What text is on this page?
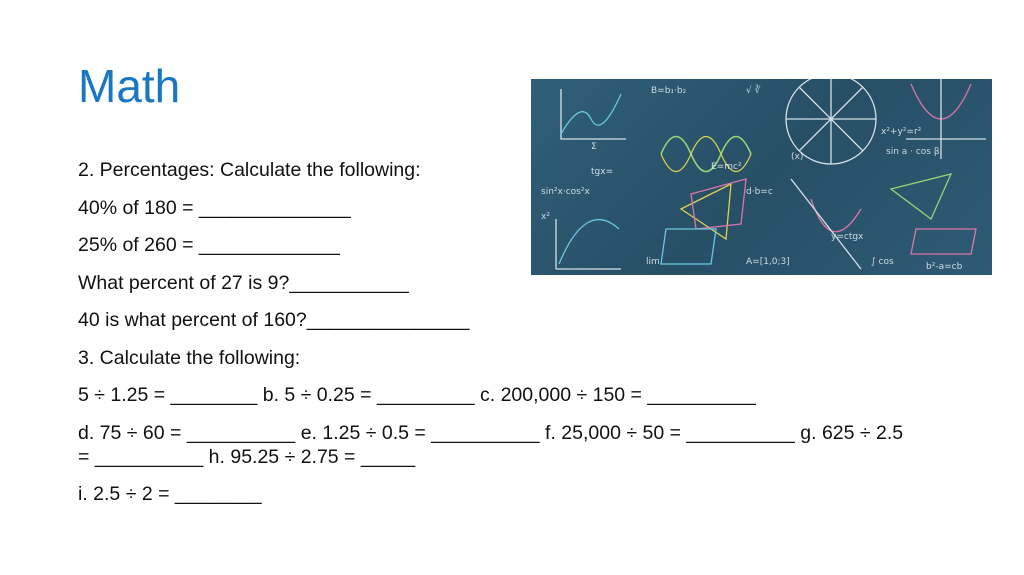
Math

2. Percentages: Calculate the following:

40% of 180 = ______________

25% of 260 = _____________

What percent of 27 is 9?___________

40 is what percent of 160?_______________

3. Calculate the following:

5 ÷ 1.25 = ________ b. 5 ÷ 0.25 = _________ c. 200,000 ÷ 150 = __________

d. 75 ÷ 60 = __________ e. 1.25 ÷ 0.5 = __________ f. 25,000 ÷ 50 = __________ g. 625 ÷ 2.5 = __________ h. 95.25 ÷ 2.75 = _____

i. 2.5 ÷ 2 = ________

B=b₁·b₂	√ ∛
Σ
sin²x·cos²x
x²+y²=r²
sin a · cos β
d·b=c
E=mc²
tgx=
lim	A=[1,0;3]
y=ctgx
b²-a=cb
∫ cos
x²
(x)
